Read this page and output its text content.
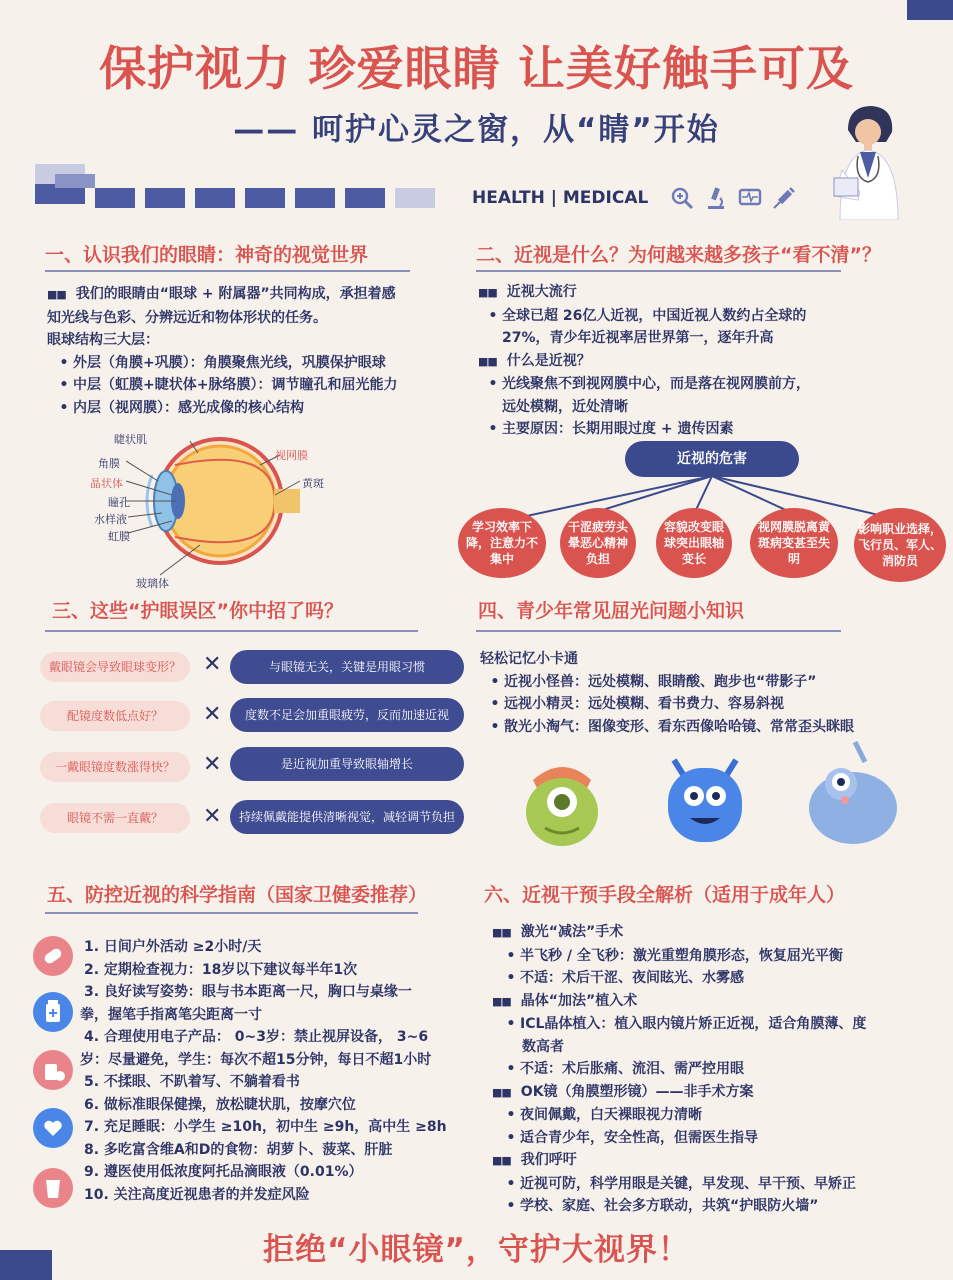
保护视力 珍爱眼睛 让美好触手可及
—— 呵护心灵之窗，从“睛”开始
HEALTH | MEDICAL
一、认识我们的眼睛：神奇的视觉世界
■■ 我们的眼睛由“眼球 + 附属器”共同构成，承担着感
知光线与色彩、分辨远近和物体形状的任务。
眼球结构三大层：
• 外层（角膜+巩膜）：角膜聚焦光线，巩膜保护眼球
• 中层（虹膜+睫状体+脉络膜）：调节瞳孔和屈光能力
• 内层（视网膜）：感光成像的核心结构
睫状肌
角膜
晶状体
瞳孔
水样液
虹膜
玻璃体
视网膜
黄斑
二、近视是什么？为何越来越多孩子“看不清”？
■■ 近视大流行
• 全球已超 26亿人近视，中国近视人数约占全球的
27%，青少年近视率居世界第一，逐年升高
■■ 什么是近视？
• 光线聚焦不到视网膜中心，而是落在视网膜前方，
远处模糊，近处清晰
• 主要原因：长期用眼过度 + 遗传因素
近视的危害
学习效率下降，注意力不集中
干涩疲劳头晕恶心精神负担
容貌改变眼球突出眼轴变长
视网膜脱离黄斑病变甚至失明
影响职业选择，飞行员、军人、消防员
三、这些“护眼误区”你中招了吗？
戴眼镜会导致眼球变形？	✕	与眼镜无关，关键是用眼习惯
配镜度数低点好？	✕	度数不足会加重眼疲劳，反而加速近视
一戴眼镜度数涨得快？	✕	是近视加重导致眼轴增长
眼镜不需一直戴？	✕	持续佩戴能提供清晰视觉，减轻调节负担
四、青少年常见屈光问题小知识
轻松记忆小卡通
• 近视小怪兽：远处模糊、眼睛酸、跑步也“带影子”
• 远视小精灵：远处模糊、看书费力、容易斜视
• 散光小淘气：图像变形、看东西像哈哈镜、常常歪头眯眼
五、防控近视的科学指南（国家卫健委推荐）
1. 日间户外活动 ≥2小时/天
2. 定期检查视力：18岁以下建议每半年1次
3. 良好读写姿势：眼与书本距离一尺，胸口与桌缘一
拳，握笔手指离笔尖距离一寸
4. 合理使用电子产品： 0~3岁：禁止视屏设备， 3~6
岁：尽量避免，学生：每次不超15分钟，每日不超1小时
5. 不揉眼、不趴着写、不躺着看书
6. 做标准眼保健操，放松睫状肌，按摩穴位
7. 充足睡眠：小学生 ≥10h，初中生 ≥9h，高中生 ≥8h
8. 多吃富含维A和D的食物：胡萝卜、菠菜、肝脏
9. 遵医使用低浓度阿托品滴眼液（0.01%）
10. 关注高度近视患者的并发症风险
六、近视干预手段全解析（适用于成年人）
■■ 激光“减法”手术
• 半飞秒 / 全飞秒：激光重塑角膜形态，恢复屈光平衡
• 不适：术后干涩、夜间眩光、水雾感
■■ 晶体“加法”植入术
• ICL晶体植入：植入眼内镜片矫正近视，适合角膜薄、度
数高者
• 不适：术后胀痛、流泪、需严控用眼
■■ OK镜（角膜塑形镜）——非手术方案
• 夜间佩戴，白天裸眼视力清晰
• 适合青少年，安全性高，但需医生指导
■■ 我们呼吁
• 近视可防，科学用眼是关键，早发现、早干预、早矫正
• 学校、家庭、社会多方联动，共筑“护眼防火墙”
拒绝“小眼镜”，守护大视界！
